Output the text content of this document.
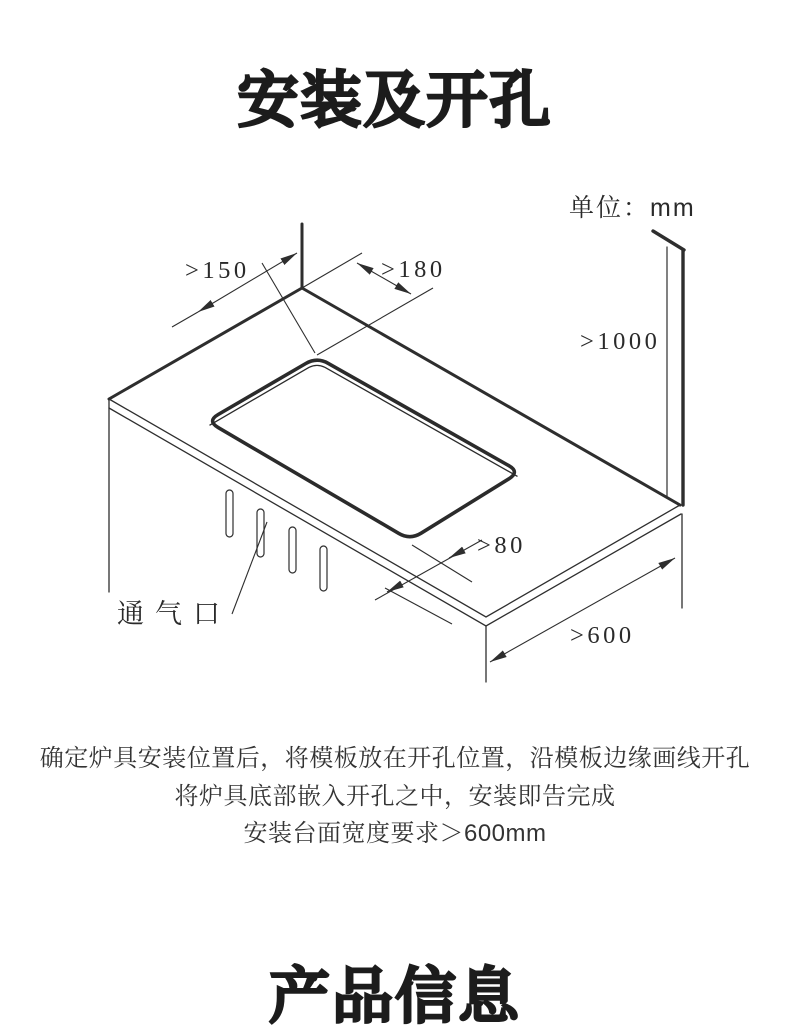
安装及开孔
单位：mm
>150	>180
>1000
>80
>600
通气口

确定炉具安装位置后，将模板放在开孔位置，沿模板边缘画线开孔

将炉具底部嵌入开孔之中，安装即告完成

安装台面宽度要求＞600mm

产品信息
